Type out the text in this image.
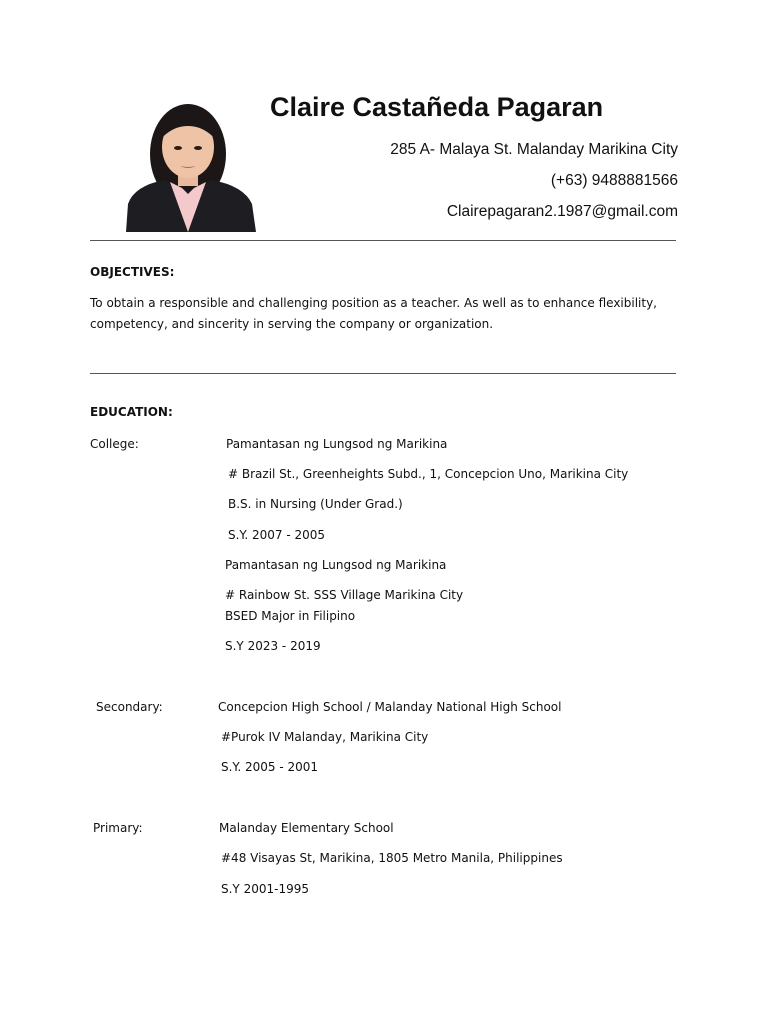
Claire Castañeda Pagaran
285 A- Malaya St. Malanday Marikina City
(+63) 9488881566
Clairepagaran2.1987@gmail.com
OBJECTIVES:
To obtain a responsible and challenging position as a teacher. As well as to enhance flexibility, competency, and sincerity in serving the company or organization.
EDUCATION:
College:	Pamantasan ng Lungsod ng Marikina
# Brazil St., Greenheights Subd., 1, Concepcion Uno, Marikina City
B.S. in Nursing (Under Grad.)
S.Y. 2007 - 2005
Pamantasan ng Lungsod ng Marikina
# Rainbow St. SSS Village Marikina City
BSED Major in Filipino
S.Y 2023 - 2019
Secondary:	Concepcion High School / Malanday National High School
#Purok IV Malanday, Marikina City
S.Y. 2005 - 2001
Primary:	Malanday Elementary School
#48 Visayas St, Marikina, 1805 Metro Manila, Philippines
S.Y 2001-1995
